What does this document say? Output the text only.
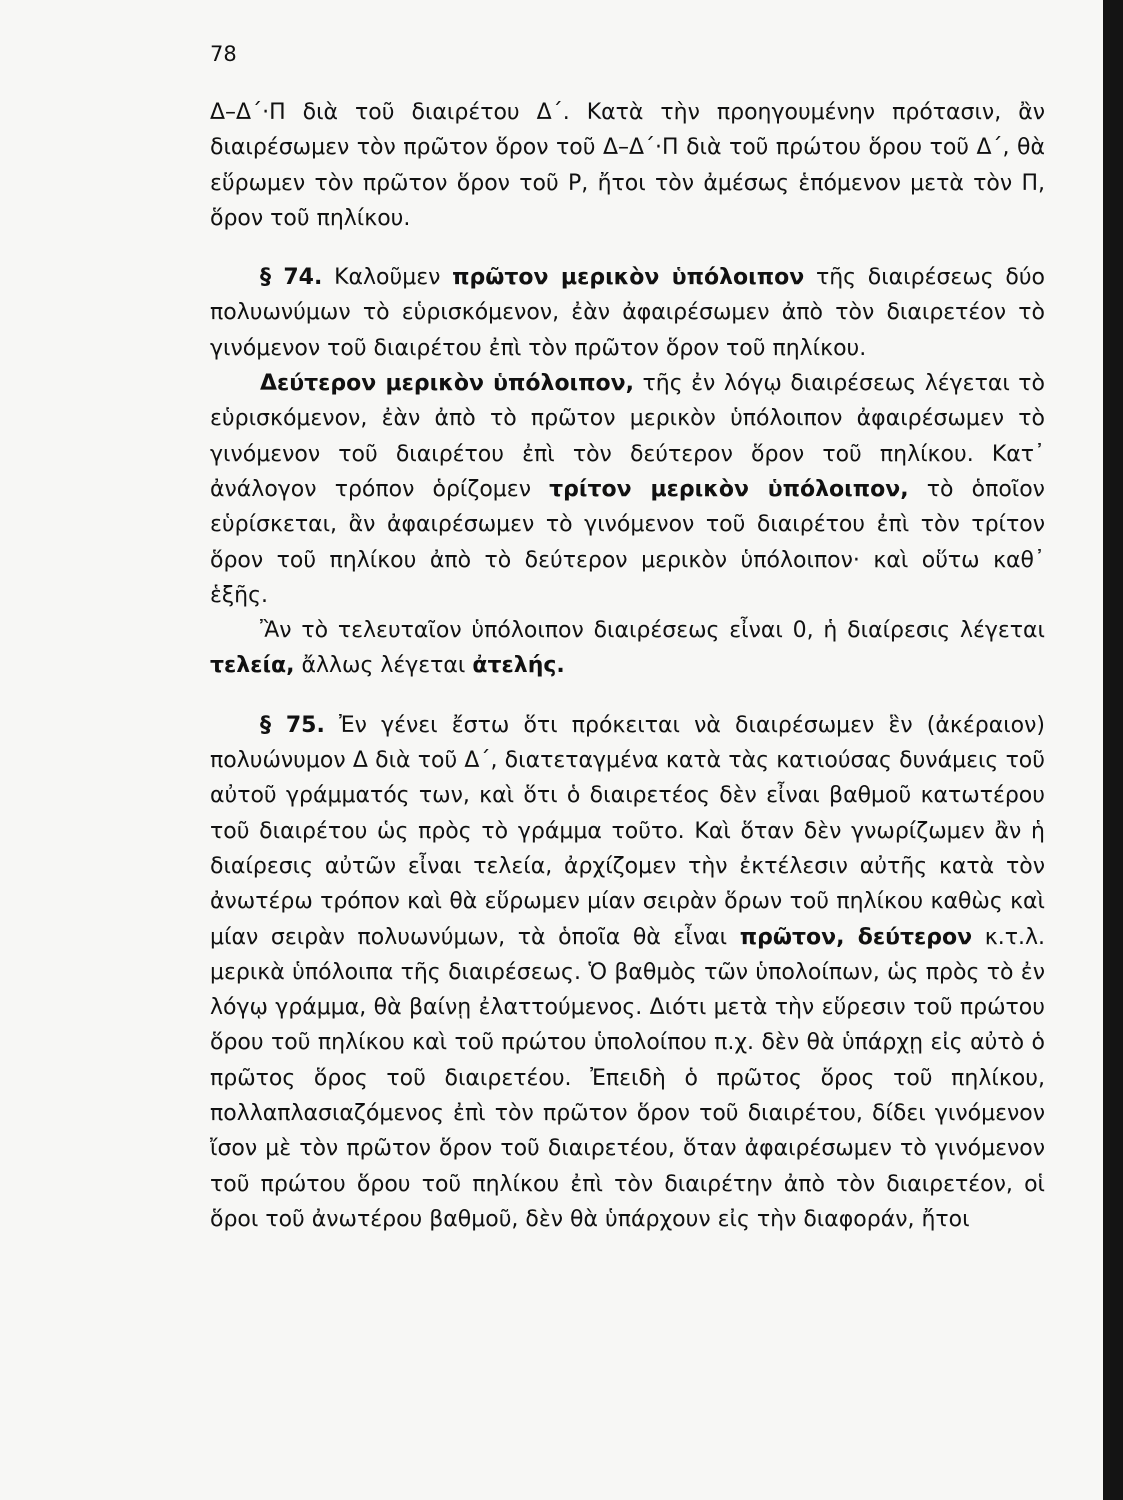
78

Δ–Δ΄·Π διὰ τοῦ διαιρέτου Δ΄. Κατὰ τὴν προηγουμένην πρότασιν, ἂν διαιρέσωμεν τὸν πρῶτον ὅρον τοῦ Δ–Δ΄·Π διὰ τοῦ πρώτου ὅρου τοῦ Δ΄, θὰ εὕρωμεν τὸν πρῶτον ὅρον τοῦ Ρ, ἤτοι τὸν ἀμέσως ἑπόμενον μετὰ τὸν Π, ὅρον τοῦ πηλίκου.

§ 74. Καλοῦμεν πρῶτον μερικὸν ὑπόλοιπον τῆς διαιρέσεως δύο πολυωνύμων τὸ εὑρισκόμενον, ἐὰν ἀφαιρέσωμεν ἀπὸ τὸν διαιρετέον τὸ γινόμενον τοῦ διαιρέτου ἐπὶ τὸν πρῶτον ὅρον τοῦ πηλίκου.

Δεύτερον μερικὸν ὑπόλοιπον, τῆς ἐν λόγῳ διαιρέσεως λέγεται τὸ εὑρισκόμενον, ἐὰν ἀπὸ τὸ πρῶτον μερικὸν ὑπόλοιπον ἀφαιρέσωμεν τὸ γινόμενον τοῦ διαιρέτου ἐπὶ τὸν δεύτερον ὅρον τοῦ πηλίκου. Κατ᾽ ἀνάλογον τρόπον ὁρίζομεν τρίτον μερικὸν ὑπόλοιπον, τὸ ὁποῖον εὑρίσκεται, ἂν ἀφαιρέσωμεν τὸ γινόμενον τοῦ διαιρέτου ἐπὶ τὸν τρίτον ὅρον τοῦ πηλίκου ἀπὸ τὸ δεύτερον μερικὸν ὑπόλοιπον· καὶ οὕτω καθ᾽ ἑξῆς.

Ἂν τὸ τελευταῖον ὑπόλοιπον διαιρέσεως εἶναι 0, ἡ διαίρεσις λέγεται τελεία, ἄλλως λέγεται ἀτελής.

§ 75. Ἐν γένει ἔστω ὅτι πρόκειται νὰ διαιρέσωμεν ἓν (ἀκέραιον) πολυώνυμον Δ διὰ τοῦ Δ΄, διατεταγμένα κατὰ τὰς κατιούσας δυνάμεις τοῦ αὐτοῦ γράμματός των, καὶ ὅτι ὁ διαιρετέος δὲν εἶναι βαθμοῦ κατωτέρου τοῦ διαιρέτου ὡς πρὸς τὸ γράμμα τοῦτο. Καὶ ὅταν δὲν γνωρίζωμεν ἂν ἡ διαίρεσις αὐτῶν εἶναι τελεία, ἀρχίζομεν τὴν ἐκτέλεσιν αὐτῆς κατὰ τὸν ἀνωτέρω τρόπον καὶ θὰ εὕρωμεν μίαν σειρὰν ὅρων τοῦ πηλίκου καθὼς καὶ μίαν σειρὰν πολυωνύμων, τὰ ὁποῖα θὰ εἶναι πρῶτον, δεύτερον κ.τ.λ. μερικὰ ὑπόλοιπα τῆς διαιρέσεως. Ὁ βαθμὸς τῶν ὑπολοίπων, ὡς πρὸς τὸ ἐν λόγῳ γράμμα, θὰ βαίνῃ ἐλαττούμενος. Διότι μετὰ τὴν εὕρεσιν τοῦ πρώτου ὅρου τοῦ πηλίκου καὶ τοῦ πρώτου ὑπολοίπου π.χ. δὲν θὰ ὑπάρχῃ εἰς αὐτὸ ὁ πρῶτος ὅρος τοῦ διαιρετέου. Ἐπειδὴ ὁ πρῶτος ὅρος τοῦ πηλίκου, πολλαπλασιαζόμενος ἐπὶ τὸν πρῶτον ὅρον τοῦ διαιρέτου, δίδει γινόμενον ἴσον μὲ τὸν πρῶτον ὅρον τοῦ διαιρετέου, ὅταν ἀφαιρέσωμεν τὸ γινόμενον τοῦ πρώτου ὅρου τοῦ πηλίκου ἐπὶ τὸν διαιρέτην ἀπὸ τὸν διαιρετέον, οἱ ὅροι τοῦ ἀνωτέρου βαθμοῦ, δὲν θὰ ὑπάρχουν εἰς τὴν διαφοράν, ἤτοι
